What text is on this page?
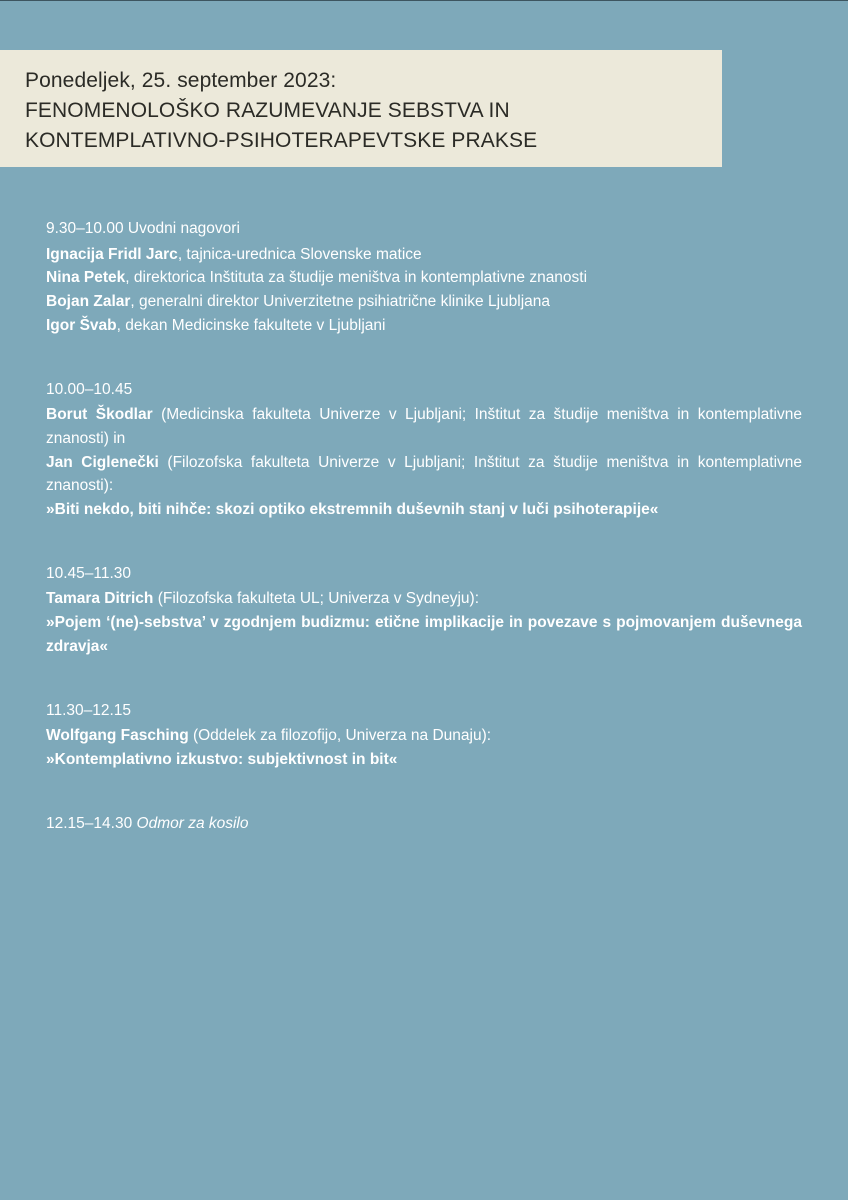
Ponedeljek, 25. september 2023:
FENOMENOLOŠKO RAZUMEVANJE SEBSTVA IN
KONTEMPLATIVNO-PSIHOTERAPEVTSKE PRAKSE
9.30–10.00 Uvodni nagovori
Ignacija Fridl Jarc, tajnica-urednica Slovenske matice
Nina Petek, direktorica Inštituta za študije meništva in kontemplativne znanosti
Bojan Zalar, generalni direktor Univerzitetne psihiatrične klinike Ljubljana
Igor Švab, dekan Medicinske fakultete v Ljubljani
10.00–10.45
Borut Škodlar (Medicinska fakulteta Univerze v Ljubljani; Inštitut za študije meništva in kontemplativne znanosti) in
Jan Ciglenečki (Filozofska fakulteta Univerze v Ljubljani; Inštitut za študije meništva in kontemplativne znanosti):
»Biti nekdo, biti nihče: skozi optiko ekstremnih duševnih stanj v luči psihoterapije«
10.45–11.30
Tamara Ditrich (Filozofska fakulteta UL; Univerza v Sydneyju):
»Pojem ‘(ne)-sebstva’ v zgodnjem budizmu: etične implikacije in povezave s pojmovanjem duševnega zdravja«
11.30–12.15
Wolfgang Fasching (Oddelek za filozofijo, Univerza na Dunaju):
»Kontemplativno izkustvo: subjektivnost in bit«
12.15–14.30 Odmor za kosilo
